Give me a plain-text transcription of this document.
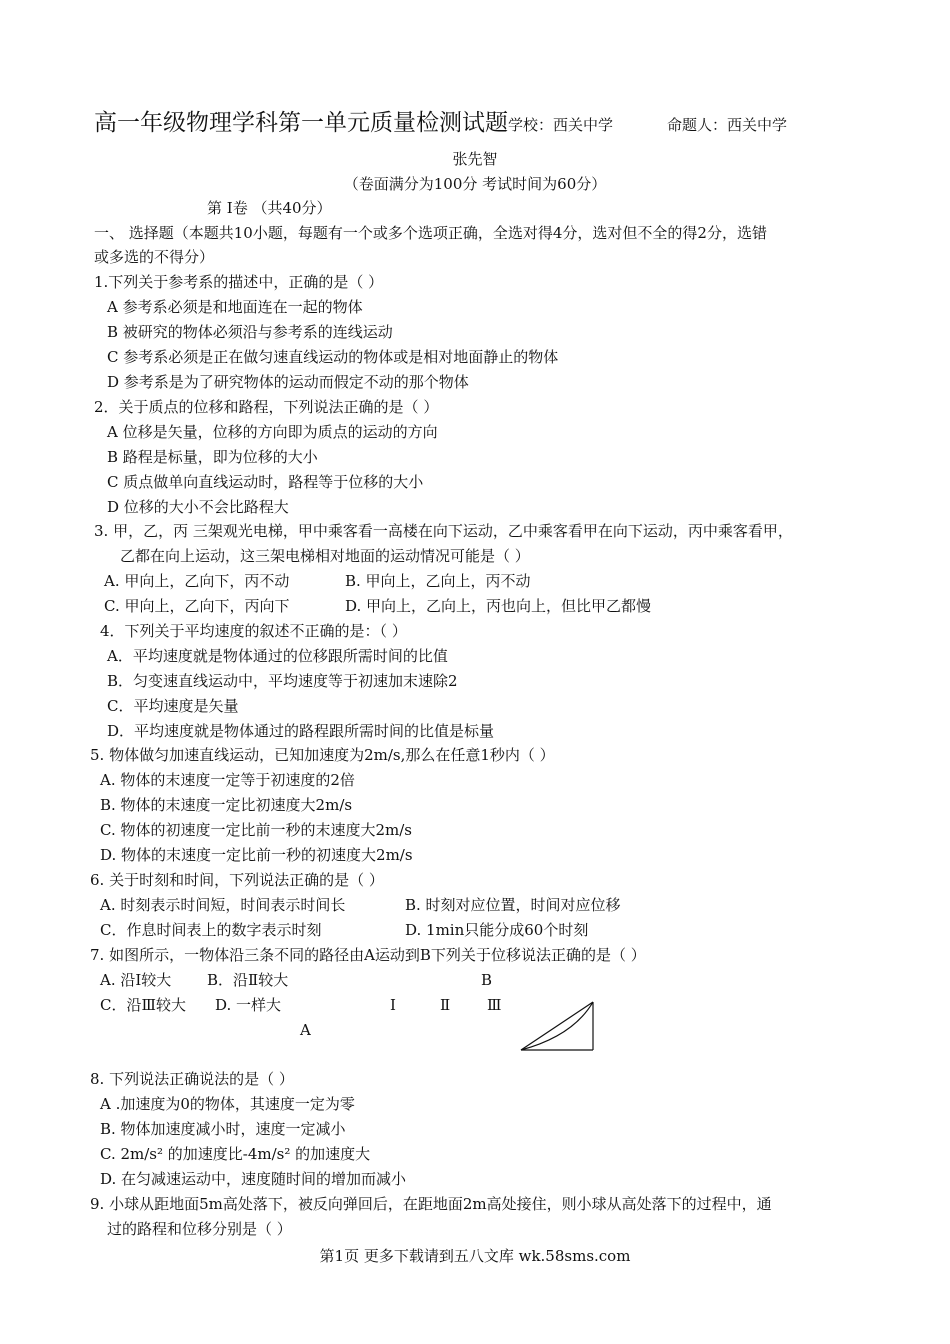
高一年级物理学科第一单元质量检测试题学校：西关中学	命题人：西关中学
张先智
（卷面满分为100分 考试时间为60分）
第 Ⅰ卷 （共40分）
一、 选择题（本题共10小题，每题有一个或多个选项正确，全选对得4分，选对但不全的得2分，选错
或多选的不得分）
1.下列关于参考系的描述中，正确的是（ ）
A 参考系必须是和地面连在一起的物体
B 被研究的物体必须沿与参考系的连线运动
C 参考系必须是正在做匀速直线运动的物体或是相对地面静止的物体
D 参考系是为了研究物体的运动而假定不动的那个物体
2．关于质点的位移和路程，下列说法正确的是（ ）
A 位移是矢量，位移的方向即为质点的运动的方向
B 路程是标量，即为位移的大小
C 质点做单向直线运动时，路程等于位移的大小
D 位移的大小不会比路程大
3. 甲，乙，丙 三架观光电梯，甲中乘客看一高楼在向下运动，乙中乘客看甲在向下运动，丙中乘客看甲，
乙都在向上运动，这三架电梯相对地面的运动情况可能是（ ）
A. 甲向上，乙向下，丙不动	B. 甲向上，乙向上，丙不动
C. 甲向上，乙向下，丙向下	D. 甲向上，乙向上，丙也向上，但比甲乙都慢
4．下列关于平均速度的叙述不正确的是：（ ）
A．平均速度就是物体通过的位移跟所需时间的比值
B．匀变速直线运动中，平均速度等于初速加末速除2
C．平均速度是矢量
D．平均速度就是物体通过的路程跟所需时间的比值是标量
5. 物体做匀加速直线运动，已知加速度为2m/s,那么在任意1秒内（ ）
A. 物体的末速度一定等于初速度的2倍
B. 物体的末速度一定比初速度大2m/s
C. 物体的初速度一定比前一秒的末速度大2m/s
D. 物体的末速度一定比前一秒的初速度大2m/s
6. 关于时刻和时间，下列说法正确的是（ ）
A. 时刻表示时间短，时间表示时间长	B. 时刻对应位置，时间对应位移
C．作息时间表上的数字表示时刻	D. 1min只能分成60个时刻
7. 如图所示，一物体沿三条不同的路径由A运动到B下列关于位移说法正确的是（ ）
A. 沿Ⅰ较大 B．沿Ⅱ较大
C．沿Ⅲ较大 D. 一样大
B
Ⅰ	Ⅱ Ⅲ
A
8. 下列说法正确说法的是（ ）
A .加速度为0的物体，其速度一定为零
B. 物体加速度减小时，速度一定减小
C. 2m/s² 的加速度比-4m/s² 的加速度大
D. 在匀减速运动中，速度随时间的增加而减小
9. 小球从距地面5m高处落下，被反向弹回后，在距地面2m高处接住，则小球从高处落下的过程中，通
过的路程和位移分别是（ ）
第1页 更多下载请到五八文库 wk.58sms.com
